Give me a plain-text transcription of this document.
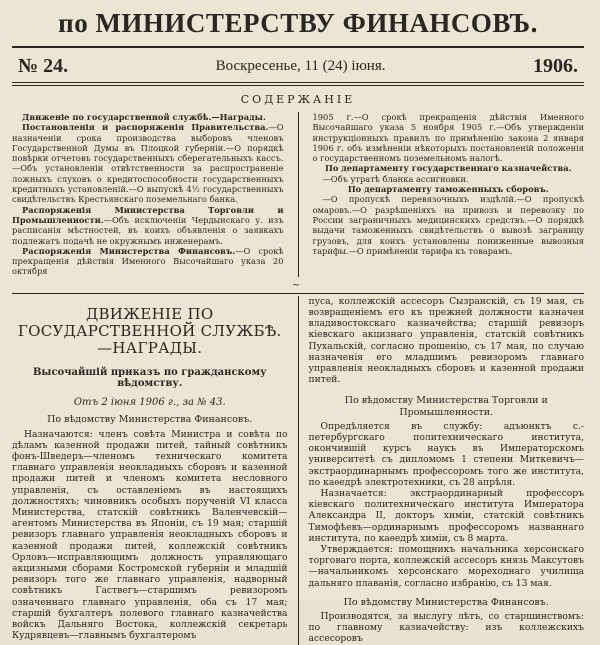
по МИНИСТЕРСТВУ ФИНАНСОВЪ.
№ 24.	Воскресенье, 11 (24) іюня.	1906.
СОДЕРЖАНІЕ

Движеніе по государственной службѣ.—Награды.

Постановленія и распоряженія Правительства.—О назначеніи срока производства выборовъ членовъ Государственной Думы въ Плоцкой губерніи.—О порядкѣ повѣрки отчетовъ государственныхъ сберегательныхъ кассъ.—Объ установленіи отвѣтственности за распространеніе ложныхъ слуховъ о кредитоспособности государственныхъ кредитныхъ установленій.—О выпускѣ 4½ государственныхъ свидѣтельствъ Крестьянскаго поземельнаго банка.

Распоряженія Министерства Торговли и Промышленности.—Объ исключеніи Чердынскаго у. изъ раcписанія мѣстностей, въ коихъ объявленія о заявкахъ подлежатъ подачѣ не окружнымъ инженерамъ.

Распоряженія Министерства Финансовъ.—О срокѣ прекращенія дѣйствія Именного Высочайшаго указа 20 октября

1905 г.—О срокѣ прекращенія дѣйствія Именного Высочайшаго указа 5 ноября 1905 г.—Объ утвержденіи инструкціонныхъ правилъ по примѣненію закона 2 января 1906 г. объ измѣненіи нѣкоторыхъ постановленій положенія о государственномъ поземельномъ налогѣ.

По департаменту государственнаго казначейства.

—Объ утратѣ бланка ассигновки.

По департаменту таможенныхъ сборовъ.

—О пропускѣ перевязочныхъ издѣлій.—О пропускѣ омаровъ.—О разрѣшеніяхъ на привозъ и перевозку по России заграничныхъ медицинскихъ средствъ.—О порядкѣ выдачи таможенныхъ свидѣтельствъ о вывозѣ заграницу грузовъ, для коихъ установлены пониженные вывозныя тарифы.—О примѣненіи тарифа къ товарамъ.

~
ДВИЖЕНІЕ ПО ГОСУДАРСТВЕННОЙ СЛУЖБѢ.—НАГРАДЫ.
Высочайшій приказъ по гражданскому вѣдомству.
Отъ 2 іюня 1906 г., за № 43.
По вѣдомству Министерства Финансовъ.

Назначаются: членъ совѣта Министра и совѣта по дѣламъ казенной продажи питей, тайный совѣтникъ фонъ-Шведеръ—членомъ техническаго комитета главнаго управленія неокладныхъ сборовъ и казенной продажи питей и членомъ комитета несловного управленія, съ оставленіемъ въ настоящихъ должностяхъ; чиновникъ особыхъ порученій VI класса Министерства, статскій совѣтникъ Валенчевскій—агентомъ Министерства въ Японіи, съ 19 мая; старшій ревизоръ главнаго управленія неокладныхъ сборовъ и казенной продажи питей, коллежскій совѣтникъ Орловъ—исправляющимъ должность управляющаго акцизными сборами Костромской губерніи и младшій ревизоръ того же главнаго управленія, надворный совѣтникъ Гаствегъ—старшимъ ревизоромъ означеннаго главнаго управленія, оба съ 17 мая; старшій бухгалтеръ полевого главнаго казначейства войскъ Дальняго Востока, коллежскій секретарь Кудрявцевъ—главнымъ бухгалтеромъ

пуса, коллежскій ассесоръ Сызранскій, съ 19 мая, съ возвращеніемъ его къ прежней должности казначея владивостокскаго казначейства; старшій ревизоръ кіевскаго акцизнаго управленія, статскій совѣтникъ Пухальскій, согласно прошенію, съ 17 мая, по случаю назначенія его младшимъ ревизоромъ главнаго управленія неокладныхъ сборовъ и казенной продажи питей.

По вѣдомству Министерства Торговли и Промышленности.

Опредѣляется въ службу: адъюнктъ с.-петербургскаго политехническаго института, окончившій курсъ наукъ въ Императорскомъ университетѣ съ дипломомъ 1 степени Миткевичъ—экстраординарнымъ профессоромъ того же института, по каѳедрѣ электротехники, съ 28 апрѣля.

Назначается: экстраординарный профессоръ кіевскаго политехническаго института Императора Александра II, докторъ химіи, статскій совѣтникъ Тимофѣевъ—ординарнымъ профессоромъ названнаго института, по каѳедрѣ химіи, съ 8 марта.

Утверждается: помощникъ начальника херсонскаго торговаго порта, коллежскій ассесоръ князь Максутовъ—начальникомъ херсонскаго мореходнаго училища дальняго плаванія, согласно избранію, съ 13 мая.

По вѣдомству Министерства Финансовъ.

Производятся, за выслугу лѣтъ, со старшинствомъ: по главному казначейству: изъ коллежскихъ ассесоровъ
